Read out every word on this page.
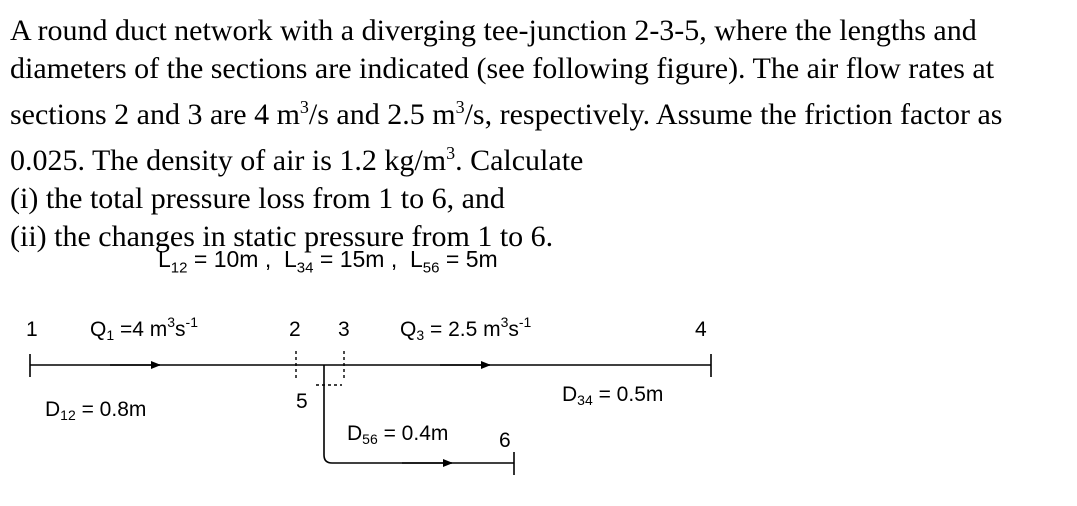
A round duct network with a diverging tee-junction 2-3-5, where the lengths and diameters of the sections are indicated (see following figure). The air flow rates at sections 2 and 3 are 4 $m^3/s$ and 2.5 $m^3/s$, respectively. Assume the friction factor as 0.025. The density of air is 1.2 $kg/m^3$. Calculate

(i) the total pressure loss from 1 to 6, and

(ii) the changes in static pressure from 1 to 6.

$L_{12} = 10m$ , $L_{34} = 15m$ , $L_{56} = 5m$
1	2 3	4
5
6
Q1 =4 $m^3s^{-1}$	Q3 = 2.5 $m^3s^{-1}$
D12 = 0.8m
D34 = 0.5m
D56 = 0.4m
